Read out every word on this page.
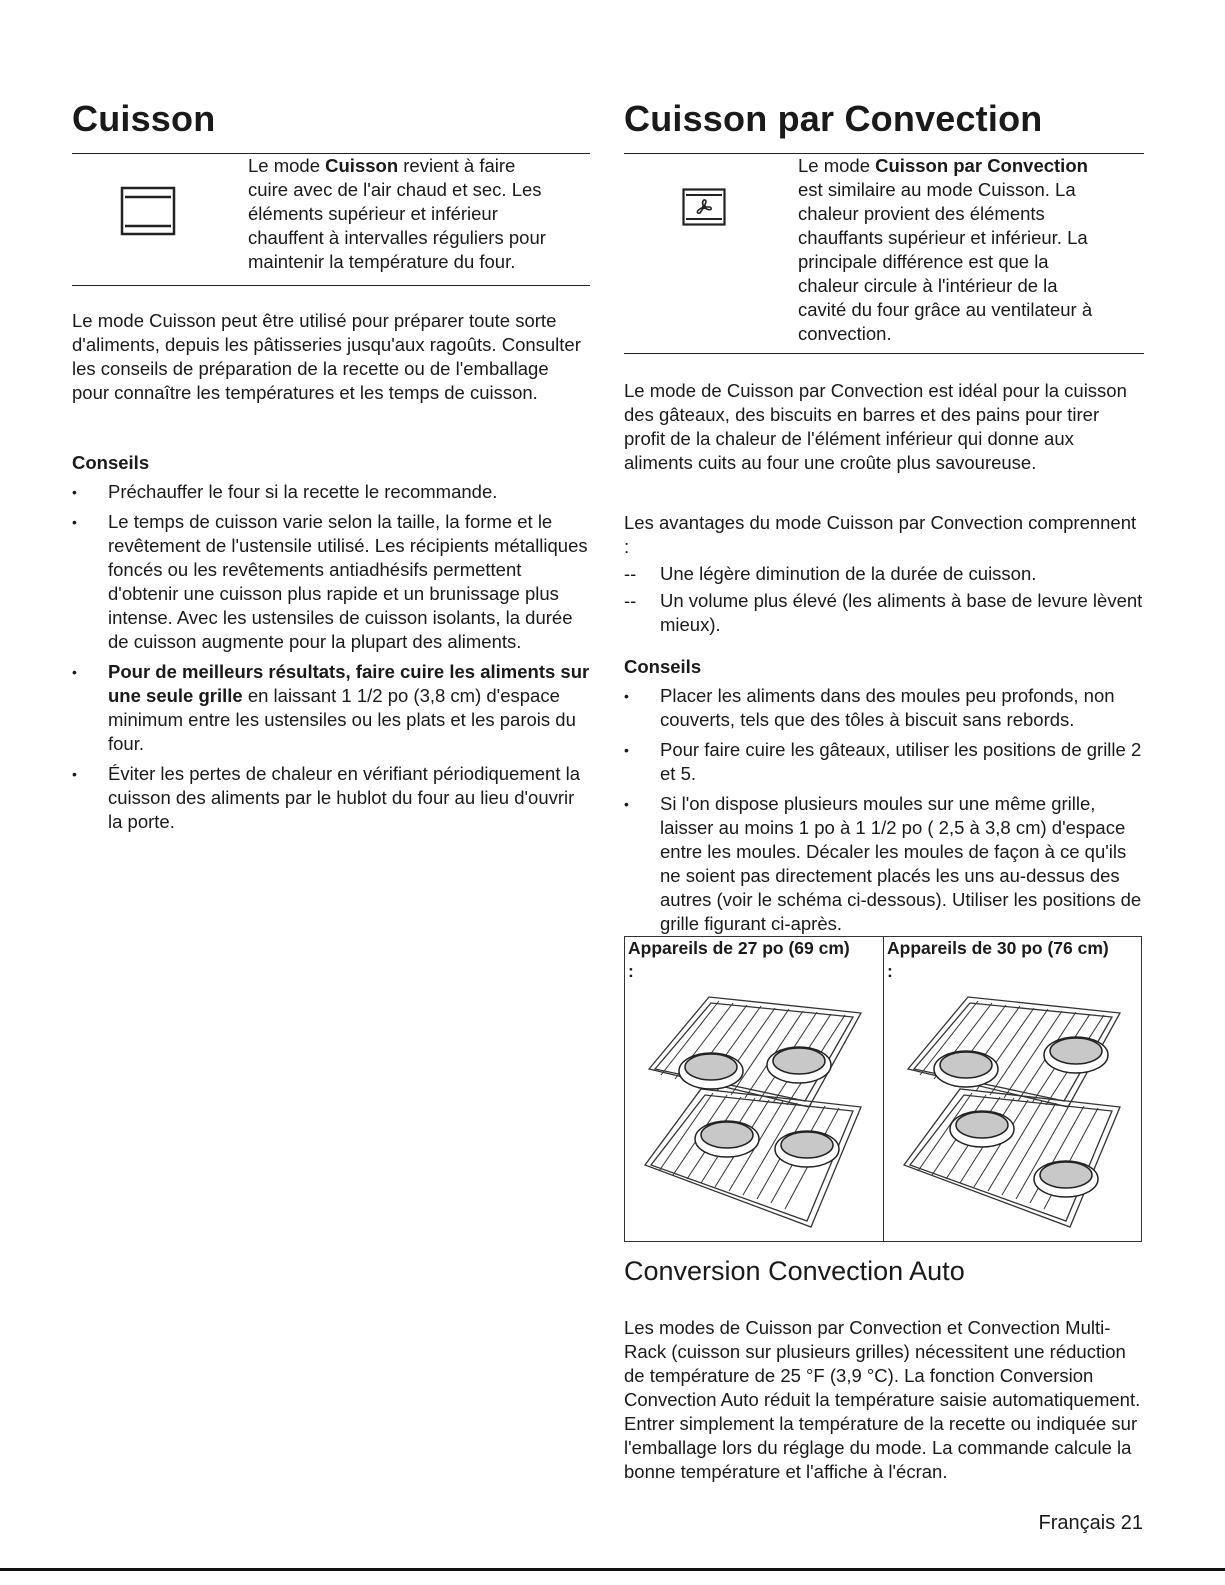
Cuisson

Le mode Cuisson revient à faire
cuire avec de l'air chaud et sec. Les
éléments supérieur et inférieur
chauffent à intervalles réguliers pour
maintenir la température du four.

Le mode Cuisson peut être utilisé pour préparer toute sorte d'aliments, depuis les pâtisseries jusqu'aux ragoûts. Consulter les conseils de préparation de la recette ou de l'emballage pour connaître les températures et les temps de cuisson.

Conseils
• Préchauffer le four si la recette le recommande.
• Le temps de cuisson varie selon la taille, la forme et le revêtement de l'ustensile utilisé. Les récipients métalliques foncés ou les revêtements antiadhésifs permettent d'obtenir une cuisson plus rapide et un brunissage plus intense. Avec les ustensiles de cuisson isolants, la durée de cuisson augmente pour la plupart des aliments.
• Pour de meilleurs résultats, faire cuire les aliments sur une seule grille en laissant 1 1/2 po (3,8 cm) d'espace minimum entre les ustensiles ou les plats et les parois du four.
• Éviter les pertes de chaleur en vérifiant périodiquement la cuisson des aliments par le hublot du four au lieu d'ouvrir la porte.
Cuisson par Convection

Le mode Cuisson par Convection
est similaire au mode Cuisson. La
chaleur provient des éléments
chauffants supérieur et inférieur. La
principale différence est que la
chaleur circule à l'intérieur de la
cavité du four grâce au ventilateur à
convection.

Le mode de Cuisson par Convection est idéal pour la cuisson des gâteaux, des biscuits en barres et des pains pour tirer profit de la chaleur de l'élément inférieur qui donne aux aliments cuits au four une croûte plus savoureuse.

Les avantages du mode Cuisson par Convection comprennent :

-- Une légère diminution de la durée de cuisson.
-- Un volume plus élevé (les aliments à base de levure lèvent mieux).
Conseils
• Placer les aliments dans des moules peu profonds, non couverts, tels que des tôles à biscuit sans rebords.
• Pour faire cuire les gâteaux, utiliser les positions de grille 2 et 5.
• Si l'on dispose plusieurs moules sur une même grille, laisser au moins 1 po à 1 1/2 po ( 2,5 à 3,8 cm) d'espace entre les moules. Décaler les moules de façon à ce qu'ils ne soient pas directement placés les uns au-dessus des autres (voir le schéma ci-dessous). Utiliser les positions de grille figurant ci-après.
Appareils de 27 po (69 cm)
:
Appareils de 30 po (76 cm)
:
Conversion Convection Auto

Les modes de Cuisson par Convection et Convection Multi-Rack (cuisson sur plusieurs grilles) nécessitent une réduction de température de 25 °F (3,9 °C). La fonction Conversion Convection Auto réduit la température saisie automatiquement. Entrer simplement la température de la recette ou indiquée sur l'emballage lors du réglage du mode. La commande calcule la bonne température et l'affiche à l'écran.

Français 21
